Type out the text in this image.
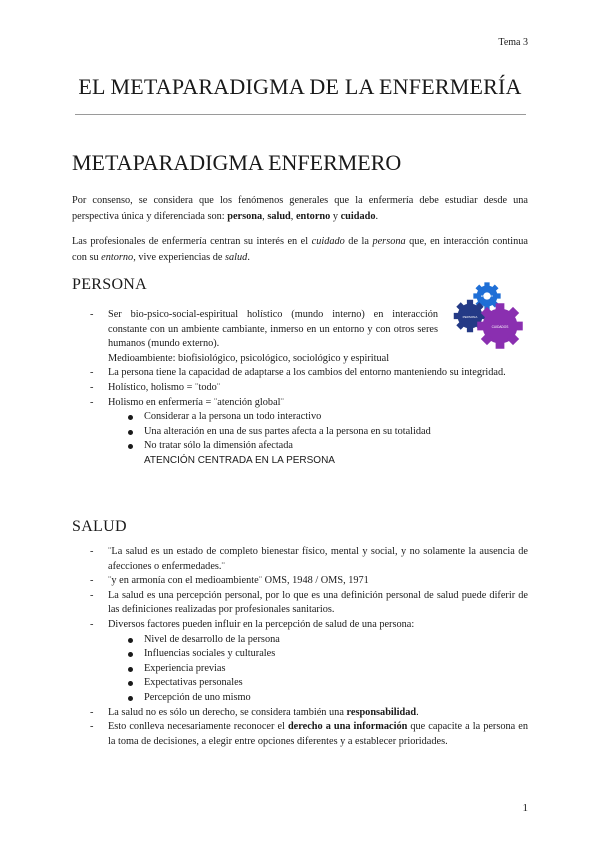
Tema 3
EL METAPARADIGMA DE LA ENFERMERÍA
METAPARADIGMA ENFERMERO

Por consenso, se considera que los fenómenos generales que la enfermería debe estudiar desde una perspectiva única y diferenciada son: persona, salud, entorno y cuidado.

Las profesionales de enfermería centran su interés en el cuidado de la persona que, en interacción continua con su entorno, vive experiencias de salud.

PERSONA
PERSONA
CUIDADOS
ENTORNO
- Ser bio-psico-social-espiritual holístico (mundo interno) en interacción constante con un ambiente cambiante, inmerso en un entorno y con otros seres humanos (mundo externo).
Medioambiente: biofisiológico, psicológico, sociológico y espiritual
- La persona tiene la capacidad de adaptarse a los cambios del entorno manteniendo su integridad.
- Holístico, holismo = ¨todo¨
- Holismo en enfermería = ¨atención global¨
Considerar a la persona un todo interactivo
Una alteración en una de sus partes afecta a la persona en su totalidad
No tratar sólo la dimensión afectada
ATENCIÓN CENTRADA EN LA PERSONA
SALUD
- ¨La salud es un estado de completo bienestar físico, mental y social, y no solamente la ausencia de afecciones o enfermedades.¨
- ¨y en armonía con el medioambiente¨ OMS, 1948 / OMS, 1971
- La salud es una percepción personal, por lo que es una definición personal de salud puede diferir de las definiciones realizadas por profesionales sanitarios.
- Diversos factores pueden influir en la percepción de salud de una persona:
Nivel de desarrollo de la persona
Influencias sociales y culturales
Experiencia previas
Expectativas personales
Percepción de uno mismo
- La salud no es sólo un derecho, se considera también una responsabilidad.
- Esto conlleva necesariamente reconocer el derecho a una información que capacite a la persona en la toma de decisiones, a elegir entre opciones diferentes y a establecer prioridades.
1
